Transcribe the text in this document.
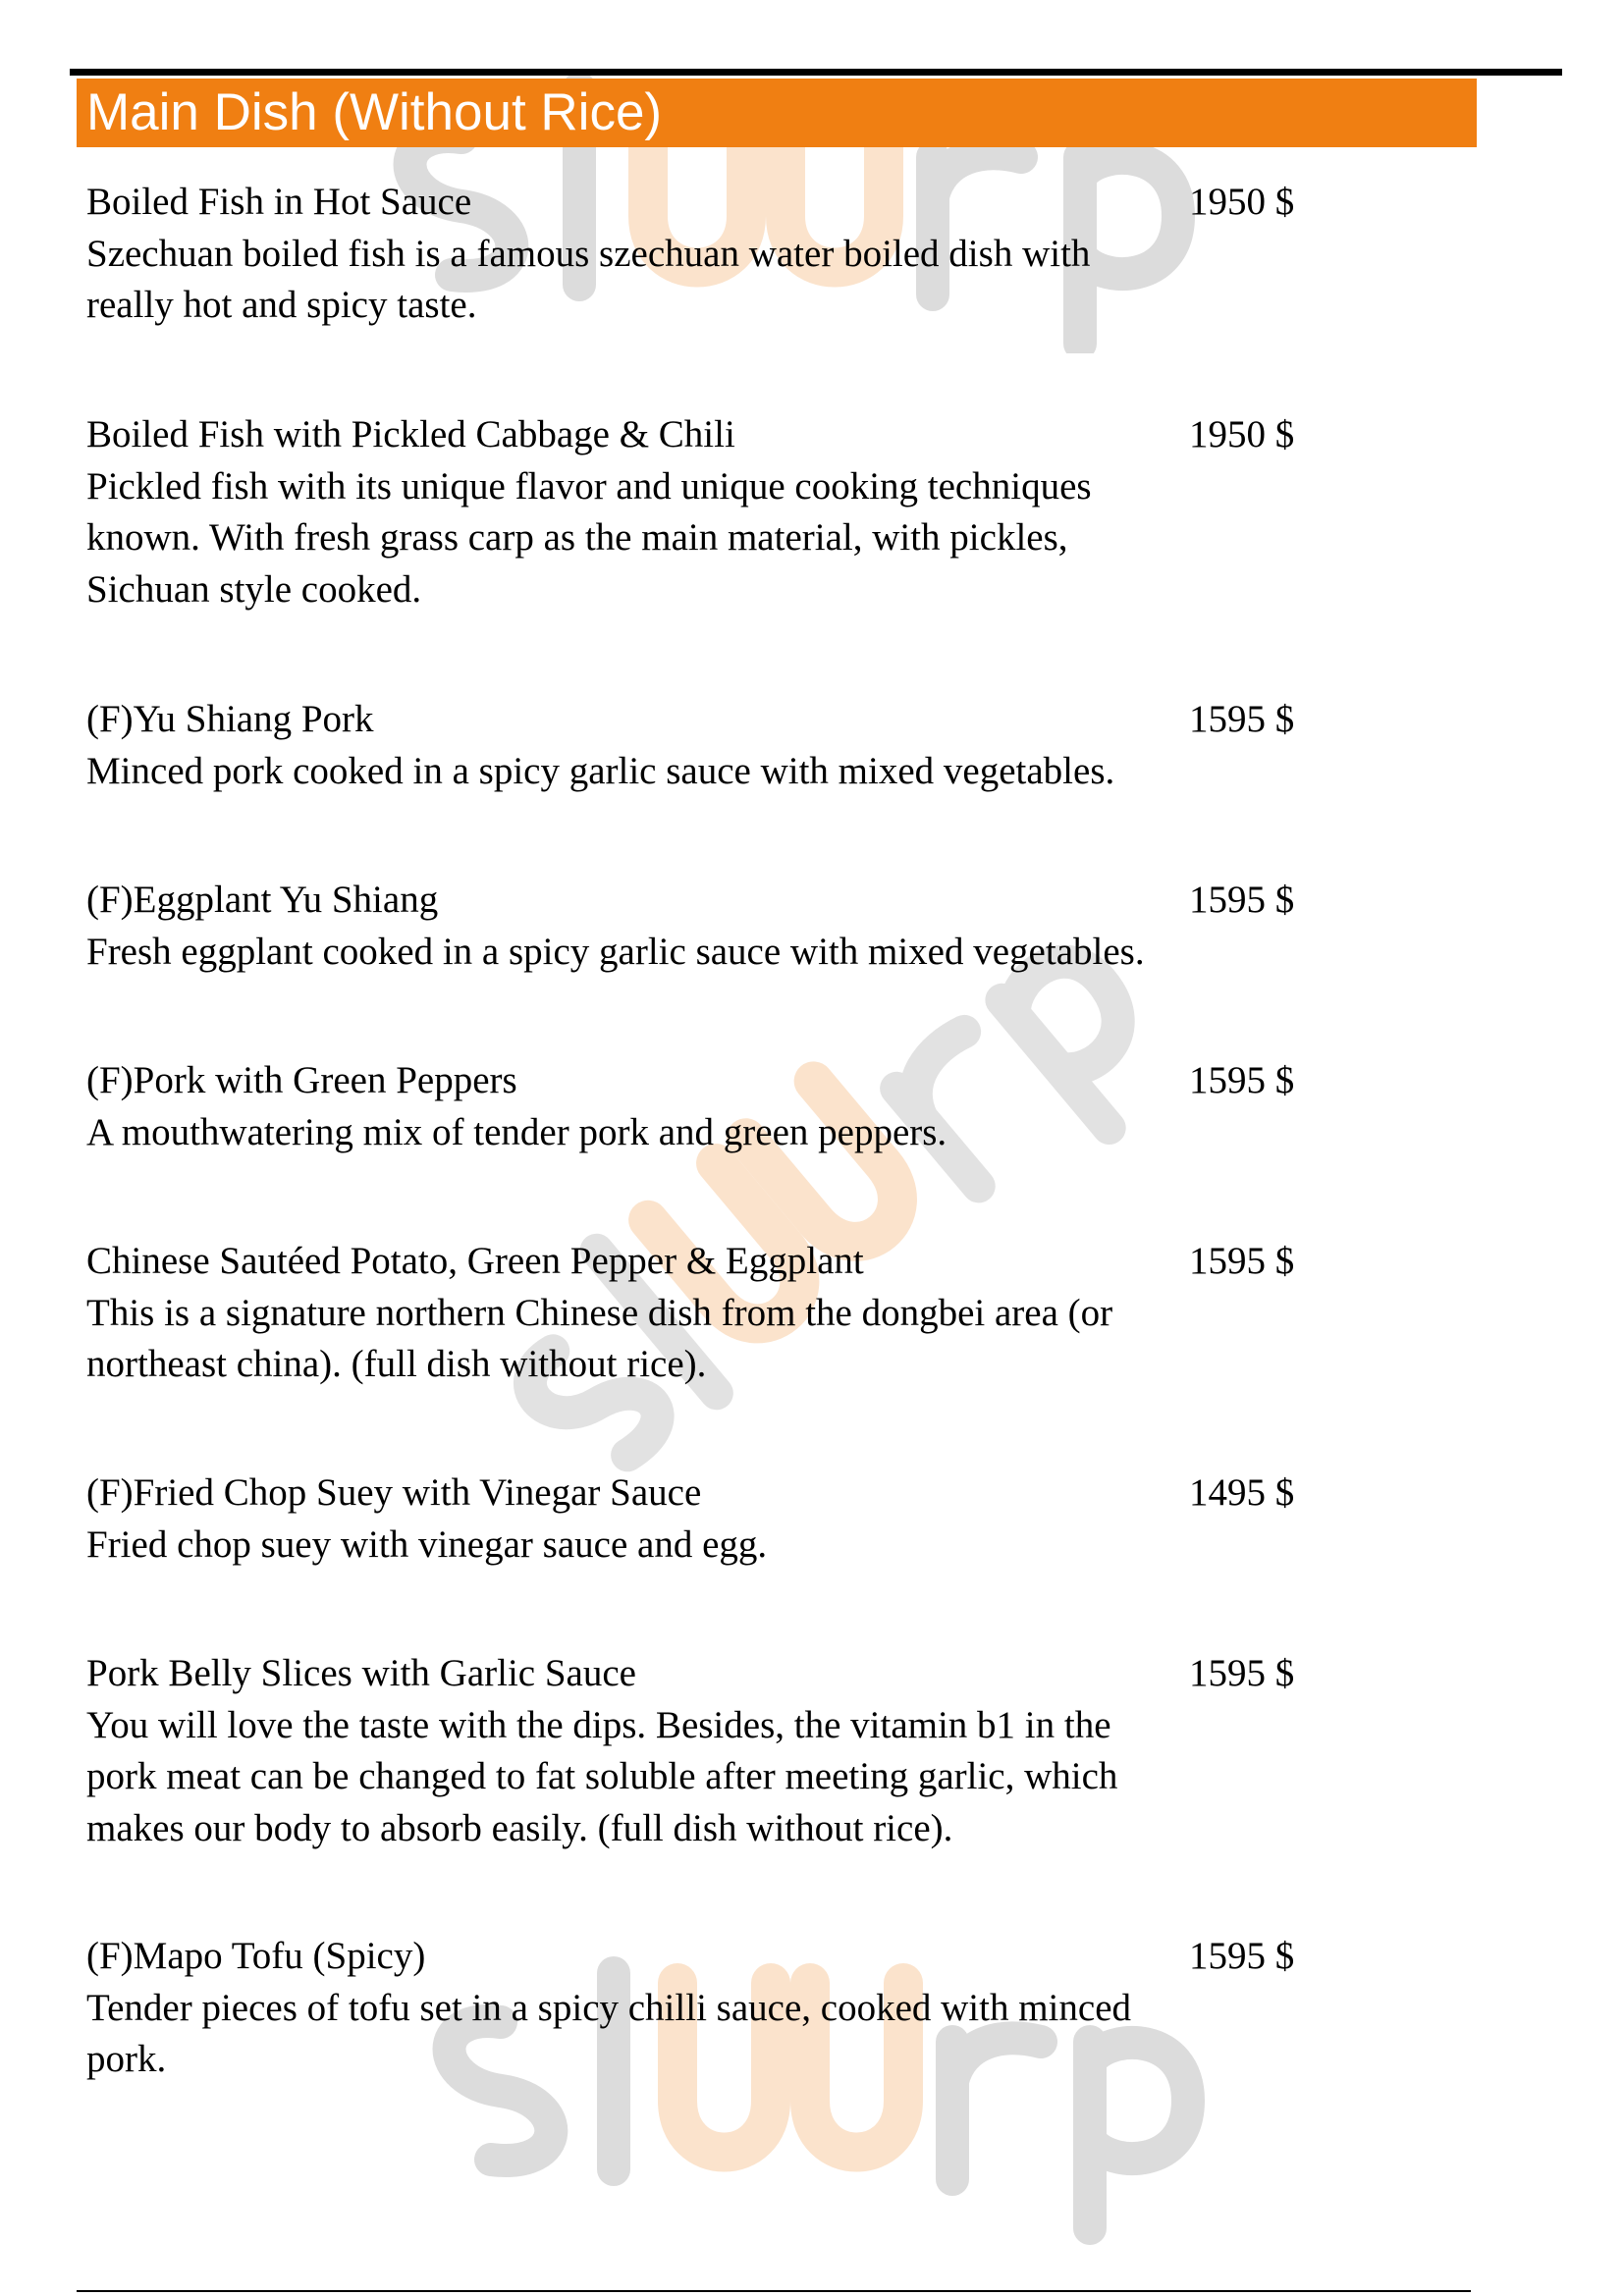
Main Dish (Without Rice)
Boiled Fish in Hot Sauce	1950 $
Szechuan boiled fish is a famous szechuan water boiled dish with
really hot and spicy taste.
Boiled Fish with Pickled Cabbage & Chili	1950 $
Pickled fish with its unique flavor and unique cooking techniques
known. With fresh grass carp as the main material, with pickles,
Sichuan style cooked.
(F)Yu Shiang Pork	1595 $
Minced pork cooked in a spicy garlic sauce with mixed vegetables.
(F)Eggplant Yu Shiang	1595 $
Fresh eggplant cooked in a spicy garlic sauce with mixed vegetables.
(F)Pork with Green Peppers	1595 $
A mouthwatering mix of tender pork and green peppers.
Chinese Sautéed Potato, Green Pepper & Eggplant	1595 $
This is a signature northern Chinese dish from the dongbei area (or
northeast china). (full dish without rice).
(F)Fried Chop Suey with Vinegar Sauce	1495 $
Fried chop suey with vinegar sauce and egg.
Pork Belly Slices with Garlic Sauce	1595 $
You will love the taste with the dips. Besides, the vitamin b1 in the
pork meat can be changed to fat soluble after meeting garlic, which
makes our body to absorb easily. (full dish without rice).
(F)Mapo Tofu (Spicy)	1595 $
Tender pieces of tofu set in a spicy chilli sauce, cooked with minced
pork.
